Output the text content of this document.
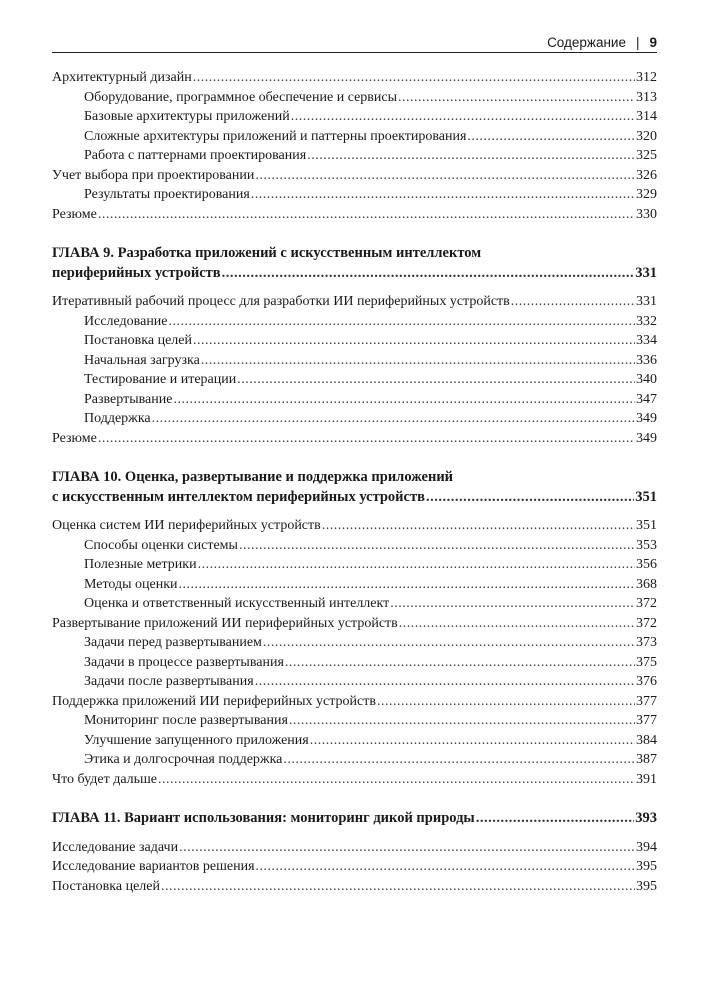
Содержание | 9
Архитектурный дизайн .....	312
Оборудование, программное обеспечение и сервисы .....	313
Базовые архитектуры приложений .....	314
Сложные архитектуры приложений и паттерны проектирования .....	320
Работа с паттернами проектирования .....	325
Учет выбора при проектировании .....	326
Результаты проектирования .....	329
Резюме .....	330
ГЛАВА 9. Разработка приложений с искусственным интеллектом
периферийных устройств .....	331
Итеративный рабочий процесс для разработки ИИ периферийных устройств .....	331
Исследование .....	332
Постановка целей .....	334
Начальная загрузка .....	336
Тестирование и итерации .....	340
Развертывание .....	347
Поддержка .....	349
Резюме .....	349
ГЛАВА 10. Оценка, развертывание и поддержка приложений
с искусственным интеллектом периферийных устройств .....	351
Оценка систем ИИ периферийных устройств .....	351
Способы оценки системы .....	353
Полезные метрики .....	356
Методы оценки .....	368
Оценка и ответственный искусственный интеллект .....	372
Развертывание приложений ИИ периферийных устройств .....	372
Задачи перед развертыванием .....	373
Задачи в процессе развертывания .....	375
Задачи после развертывания .....	376
Поддержка приложений ИИ периферийных устройств .....	377
Мониторинг после развертывания .....	377
Улучшение запущенного приложения .....	384
Этика и долгосрочная поддержка .....	387
Что будет дальше .....	391
ГЛАВА 11. Вариант использования: мониторинг дикой природы .....	393
Исследование задачи .....	394
Исследование вариантов решения .....	395
Постановка целей .....	395
